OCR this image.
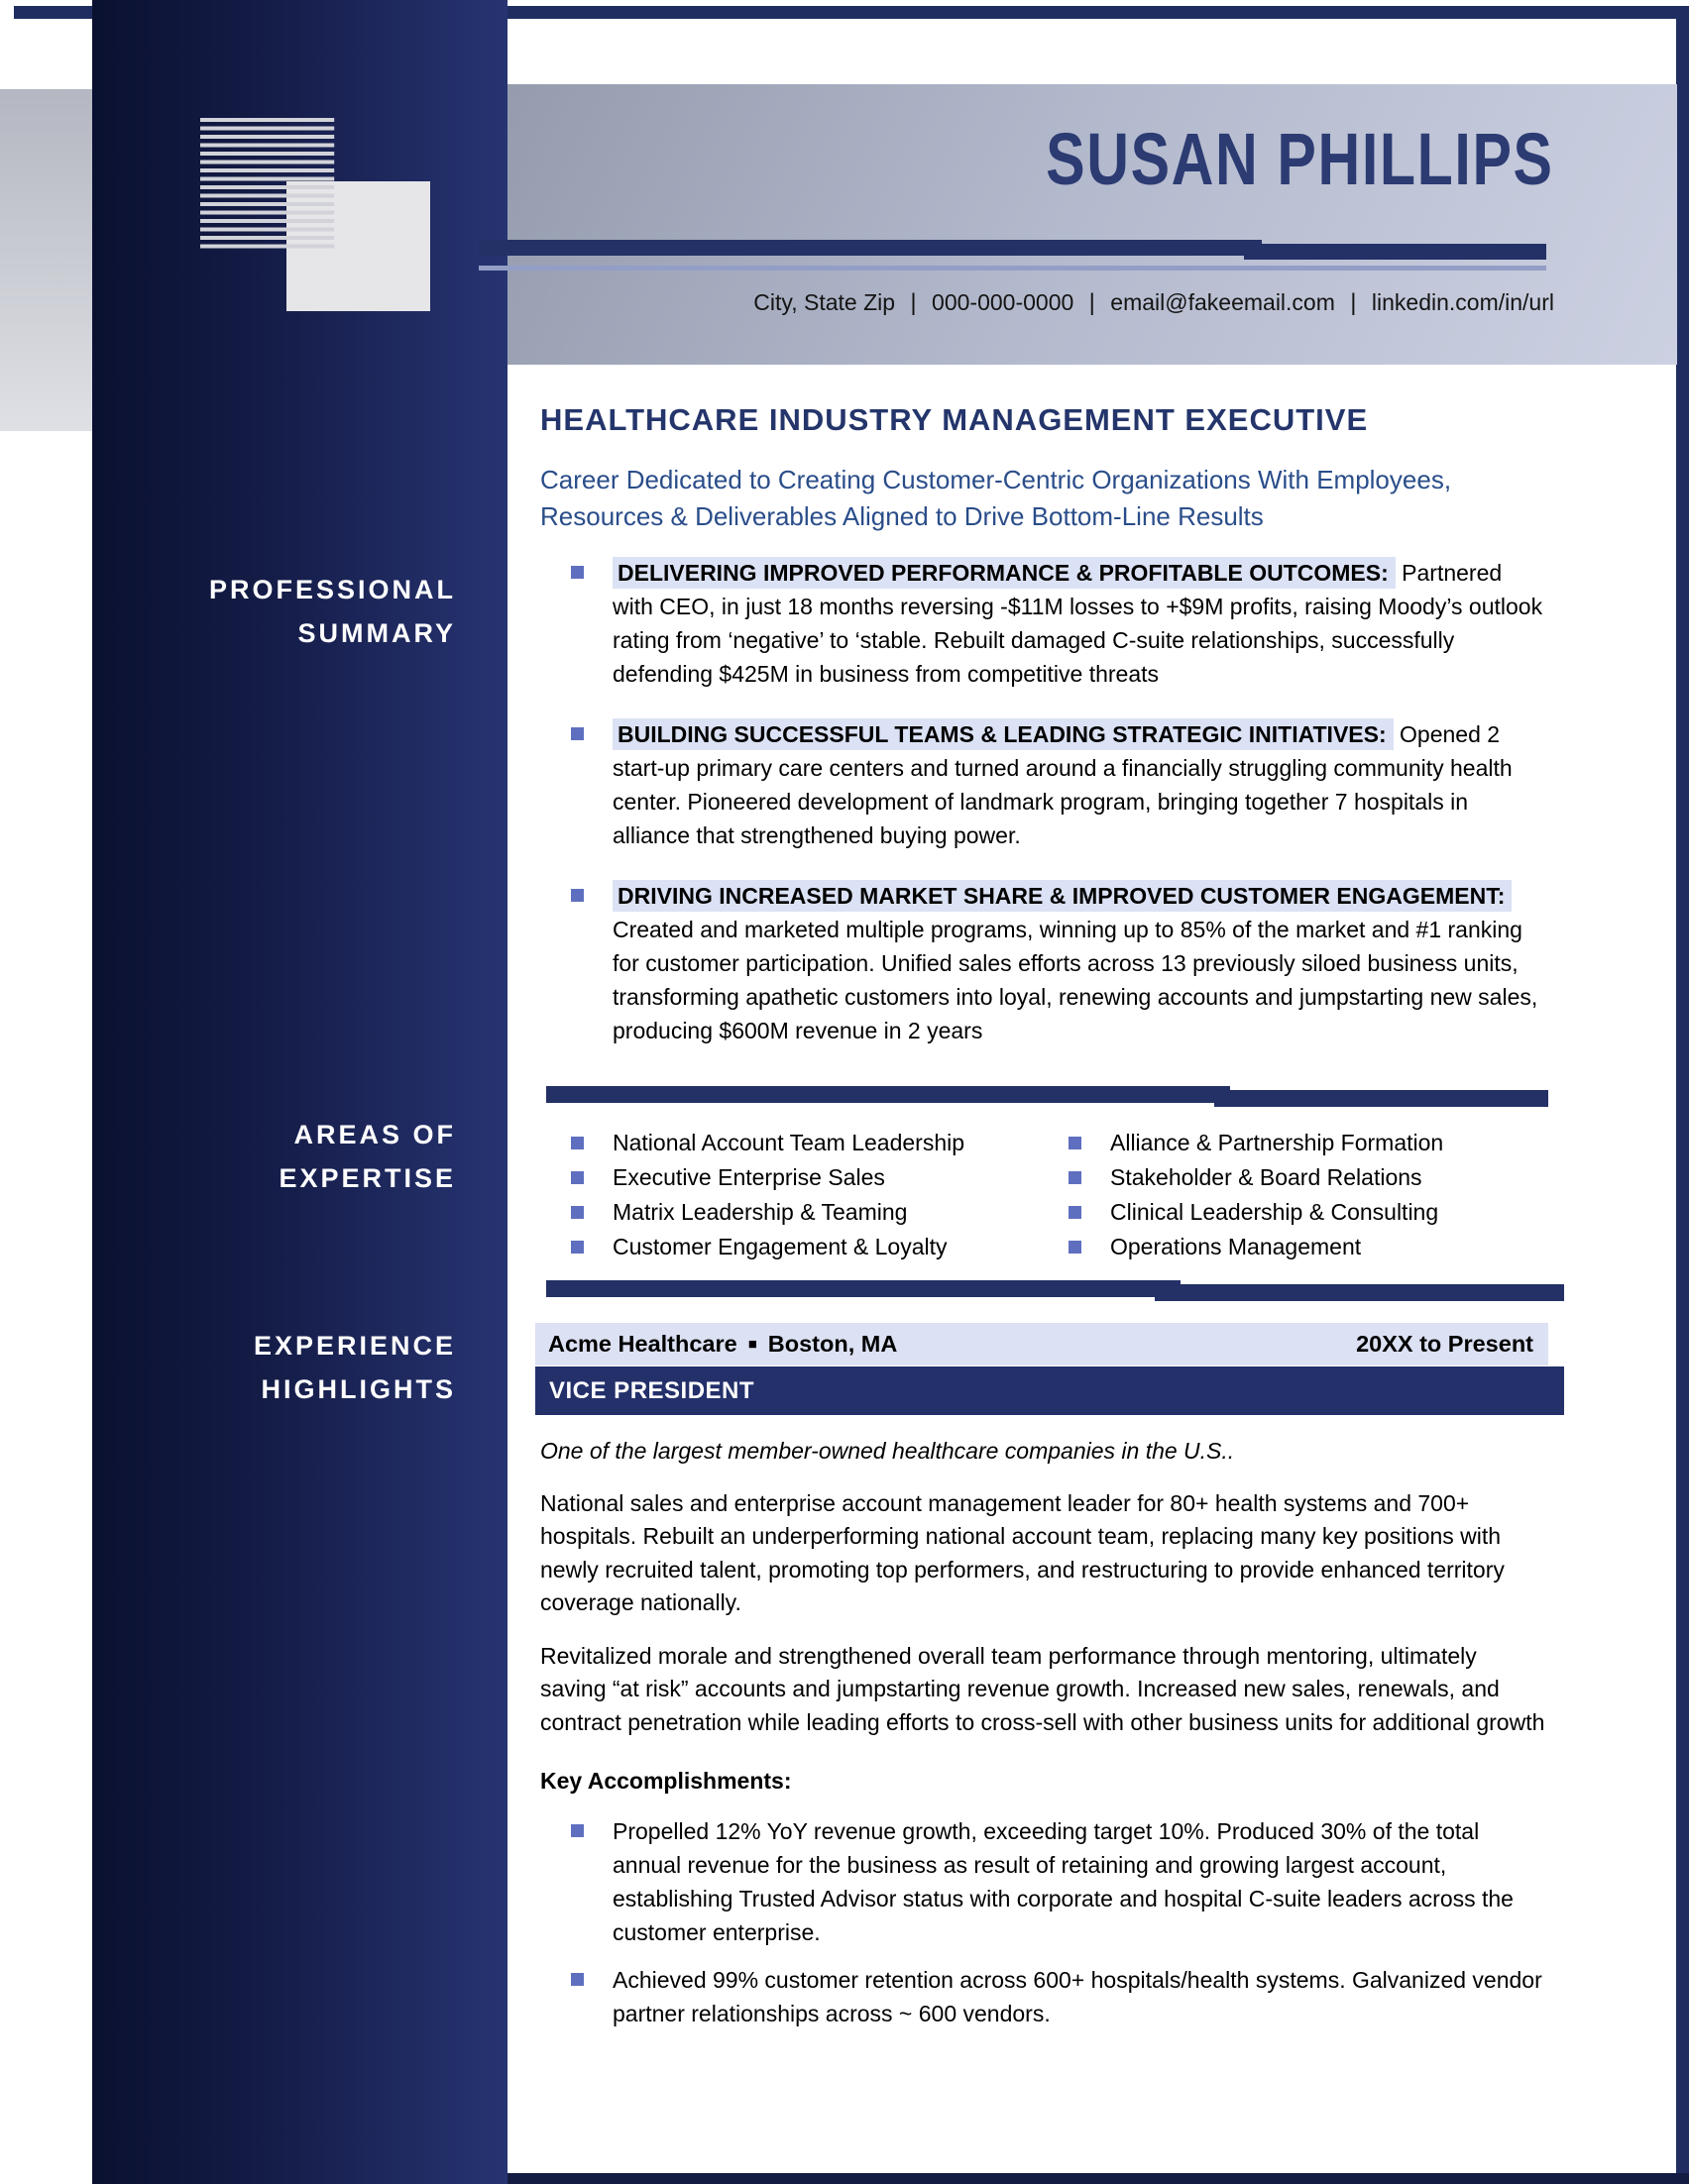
PROFESSIONAL
SUMMARY
AREAS OF
EXPERTISE
EXPERIENCE
HIGHLIGHTS
SUSAN PHILLIPS
City, State Zip | 000-000-0000 | email@fakeemail.com | linkedin.com/in/url
HEALTHCARE INDUSTRY MANAGEMENT EXECUTIVE
Career Dedicated to Creating Customer-Centric Organizations With Employees, Resources & Deliverables Aligned to Drive Bottom-Line Results
DELIVERING IMPROVED PERFORMANCE & PROFITABLE OUTCOMES: Partnered with CEO, in just 18 months reversing -$11M losses to +$9M profits, raising Moody’s outlook rating from ‘negative’ to ‘stable. Rebuilt damaged C-suite relationships, successfully defending $425M in business from competitive threats
BUILDING SUCCESSFUL TEAMS & LEADING STRATEGIC INITIATIVES: Opened 2 start-up primary care centers and turned around a financially struggling community health center. Pioneered development of landmark program, bringing together 7 hospitals in alliance that strengthened buying power.
DRIVING INCREASED MARKET SHARE & IMPROVED CUSTOMER ENGAGEMENT: Created and marketed multiple programs, winning up to 85% of the market and #1 ranking for customer participation. Unified sales efforts across 13 previously siloed business units, transforming apathetic customers into loyal, renewing accounts and jumpstarting new sales, producing $600M revenue in 2 years
National Account Team Leadership
Executive Enterprise Sales
Matrix Leadership & Teaming
Customer Engagement & Loyalty
Alliance & Partnership Formation
Stakeholder & Board Relations
Clinical Leadership & Consulting
Operations Management
Acme Healthcare ■ Boston, MA	20XX to Present
VICE PRESIDENT

One of the largest member-owned healthcare companies in the U.S..

National sales and enterprise account management leader for 80+ health systems and 700+ hospitals. Rebuilt an underperforming national account team, replacing many key positions with newly recruited talent, promoting top performers, and restructuring to provide enhanced territory coverage nationally.

Revitalized morale and strengthened overall team performance through mentoring, ultimately saving “at risk” accounts and jumpstarting revenue growth. Increased new sales, renewals, and contract penetration while leading efforts to cross-sell with other business units for additional growth

Key Accomplishments:

Propelled 12% YoY revenue growth, exceeding target 10%. Produced 30% of the total annual revenue for the business as result of retaining and growing largest account, establishing Trusted Advisor status with corporate and hospital C-suite leaders across the customer enterprise.
Achieved 99% customer retention across 600+ hospitals/health systems. Galvanized vendor partner relationships across ~ 600 vendors.
